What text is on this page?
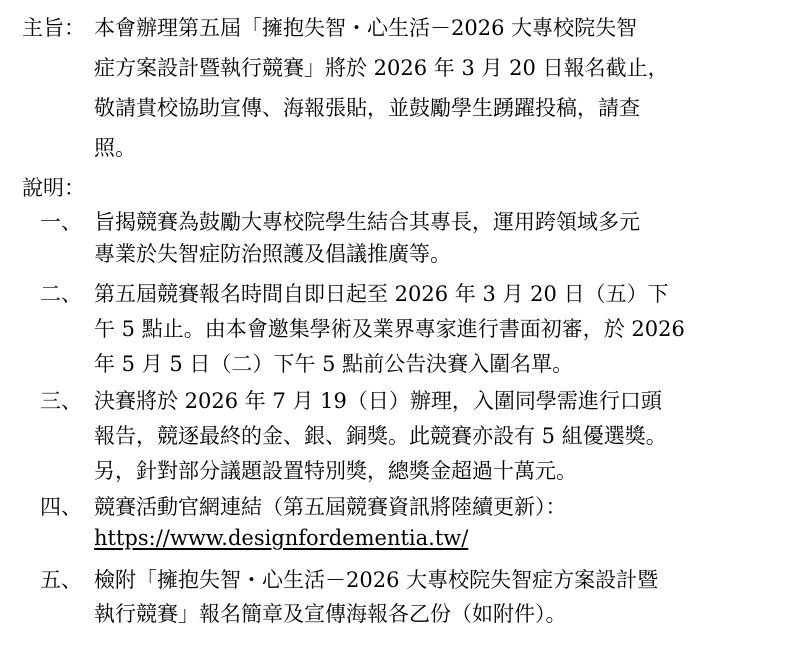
主旨： 本會辦理第五屆「擁抱失智・心生活－2026 大專校院失智
症方案設計暨執行競賽」將於 2026 年 3 月 20 日報名截止，
敬請貴校協助宣傳、海報張貼，並鼓勵學生踴躍投稿，請查
照。
說明：
一、 旨揭競賽為鼓勵大專校院學生結合其專長，運用跨領域多元
專業於失智症防治照護及倡議推廣等。
二、 第五屆競賽報名時間自即日起至 2026 年 3 月 20 日（五）下
午 5 點止。由本會邀集學術及業界專家進行書面初審，於 2026
年 5 月 5 日（二）下午 5 點前公告決賽入圍名單。
三、 決賽將於 2026 年 7 月 19（日）辦理，入圍同學需進行口頭
報告，競逐最終的金、銀、銅獎。此競賽亦設有 5 組優選獎。
另，針對部分議題設置特別獎，總獎金超過十萬元。
四、 競賽活動官網連結（第五屆競賽資訊將陸續更新）：
https://www.designfordementia.tw/
五、 檢附「擁抱失智・心生活－2026 大專校院失智症方案設計暨
執行競賽」報名簡章及宣傳海報各乙份（如附件）。
